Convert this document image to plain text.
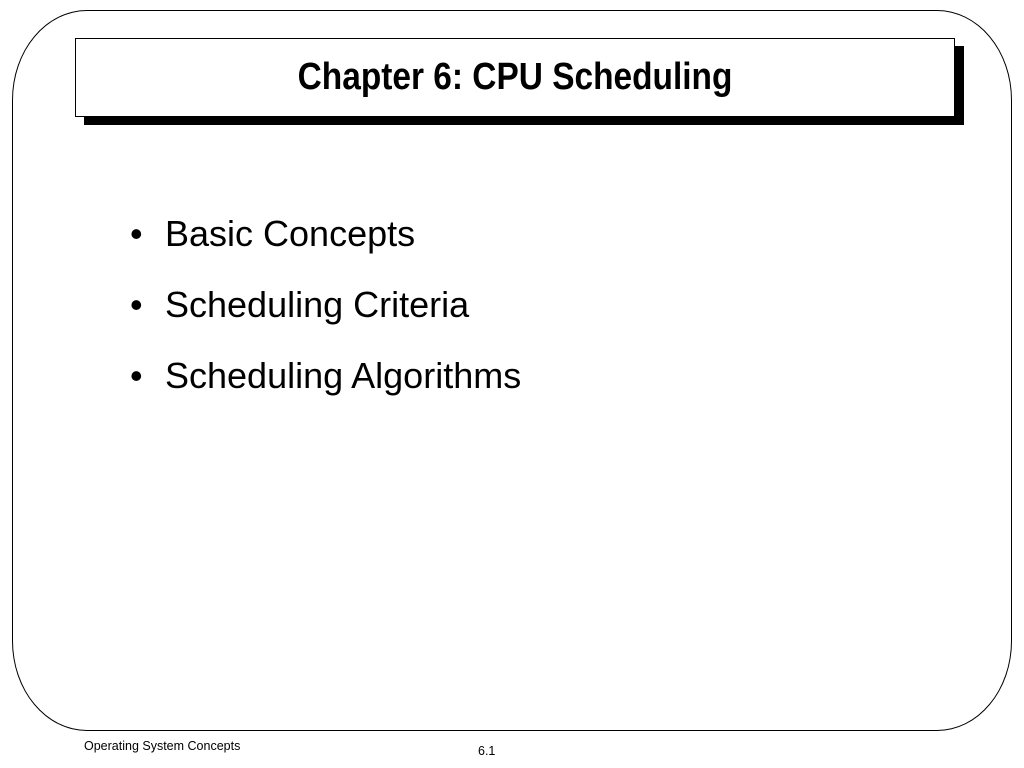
Chapter 6: CPU Scheduling
• Basic Concepts
• Scheduling Criteria
• Scheduling Algorithms
Operating System Concepts	6.1
